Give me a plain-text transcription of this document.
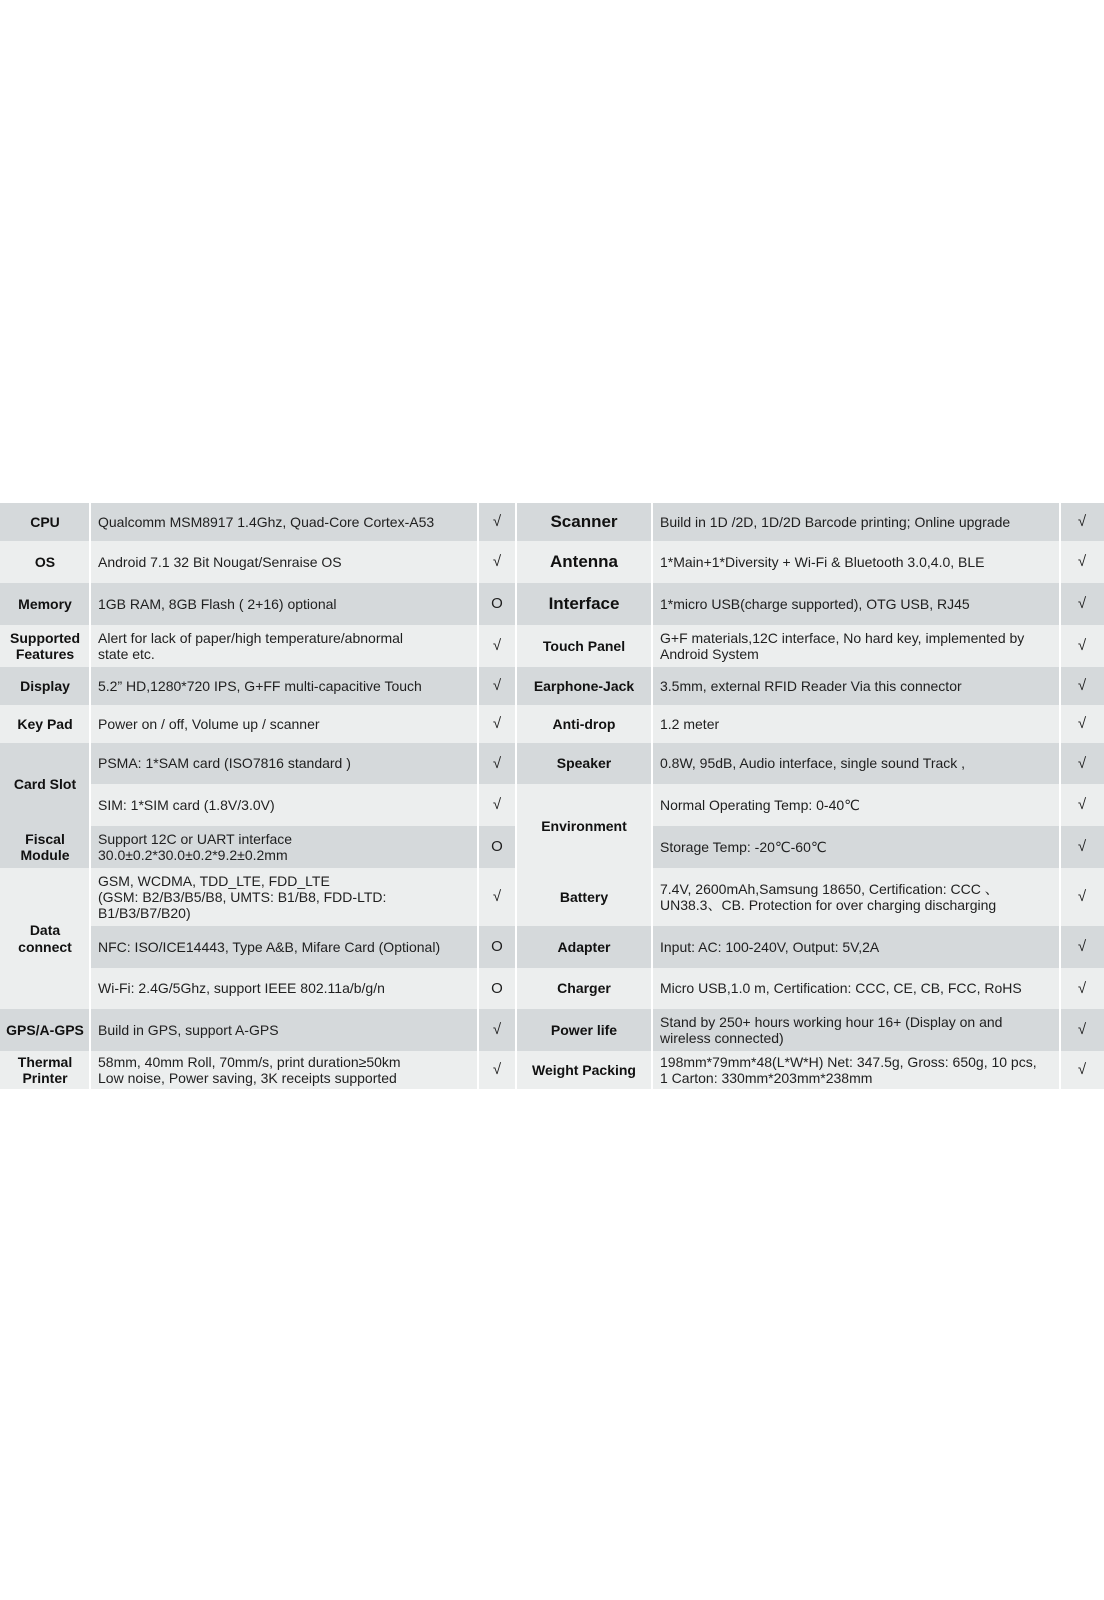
CPU
OS
Memory
Supported
Features
Display
Key Pad
Card Slot
Fiscal
Module
Data
connect
GPS/A-GPS
Thermal
Printer
Qualcomm MSM8917 1.4Ghz, Quad-Core Cortex-A53
Android 7.1 32 Bit Nougat/Senraise OS
1GB RAM, 8GB Flash ( 2+16) optional
Alert for lack of paper/high temperature/abnormal
state etc.
5.2” HD,1280*720 IPS, G+FF multi-capacitive Touch
Power on / off, Volume up / scanner
PSMA: 1*SAM card (ISO7816 standard )
SIM: 1*SIM card (1.8V/3.0V)
Support 12C or UART interface
30.0±0.2*30.0±0.2*9.2±0.2mm
GSM, WCDMA, TDD_LTE, FDD_LTE
(GSM: B2/B3/B5/B8, UMTS: B1/B8, FDD-LTD:
B1/B3/B7/B20)
NFC: ISO/ICE14443, Type A&B, Mifare Card (Optional)
Wi-Fi: 2.4G/5Ghz, support IEEE 802.11a/b/g/n
Build in GPS, support A-GPS
58mm, 40mm Roll, 70mm/s, print duration≥50km
Low noise, Power saving, 3K receipts supported
√
√
O
√
√
√
√
√
O
√
O
O
√
√
Scanner
Antenna
Interface
Touch Panel
Earphone-Jack
Anti-drop
Speaker
Environment
Battery
Adapter
Charger
Power life
Weight Packing
Build in 1D /2D, 1D/2D Barcode printing; Online upgrade
1*Main+1*Diversity + Wi-Fi & Bluetooth 3.0,4.0, BLE
1*micro USB(charge supported), OTG USB, RJ45
G+F materials,12C interface, No hard key, implemented by
Android System
3.5mm, external RFID Reader Via this connector
1.2 meter
0.8W, 95dB, Audio interface, single sound Track ,
Normal Operating Temp: 0-40℃
Storage Temp: -20℃-60℃
7.4V, 2600mAh,Samsung 18650, Certification: CCC 、
UN38.3、CB. Protection for over charging discharging
Input: AC: 100-240V, Output: 5V,2A
Micro USB,1.0 m, Certification: CCC, CE, CB, FCC, RoHS
Stand by 250+ hours working hour 16+ (Display on and
wireless connected)
198mm*79mm*48(L*W*H) Net: 347.5g, Gross: 650g, 10 pcs,
1 Carton: 330mm*203mm*238mm
√
√
√
√
√
√
√
√
√
√
√
√
√
√
